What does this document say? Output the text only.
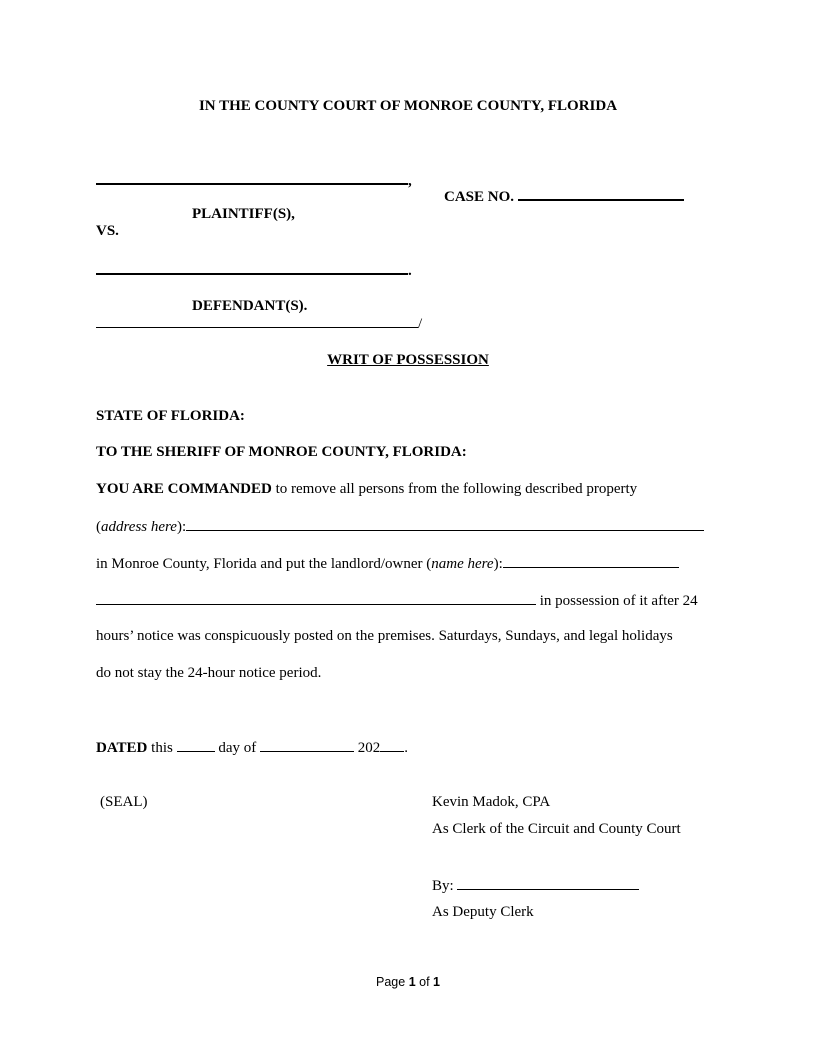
IN THE COUNTY COURT OF MONROE COUNTY, FLORIDA
,
CASE NO.
PLAINTIFF(S),
VS.
.
DEFENDANT(S).
/
WRIT OF POSSESSION
STATE OF FLORIDA:
TO THE SHERIFF OF MONROE COUNTY, FLORIDA:
YOU ARE COMMANDED to remove all persons from the following described property
(address here):
in Monroe County, Florida and put the landlord/owner (name here):
in possession of it after 24
hours’ notice was conspicuously posted on the premises. Saturdays, Sundays, and legal holidays
do not stay the 24-hour notice period.
DATED this	day of	202 .
(SEAL)	Kevin Madok, CPA
As Clerk of the Circuit and County Court
By:
As Deputy Clerk
Page 1 of 1
